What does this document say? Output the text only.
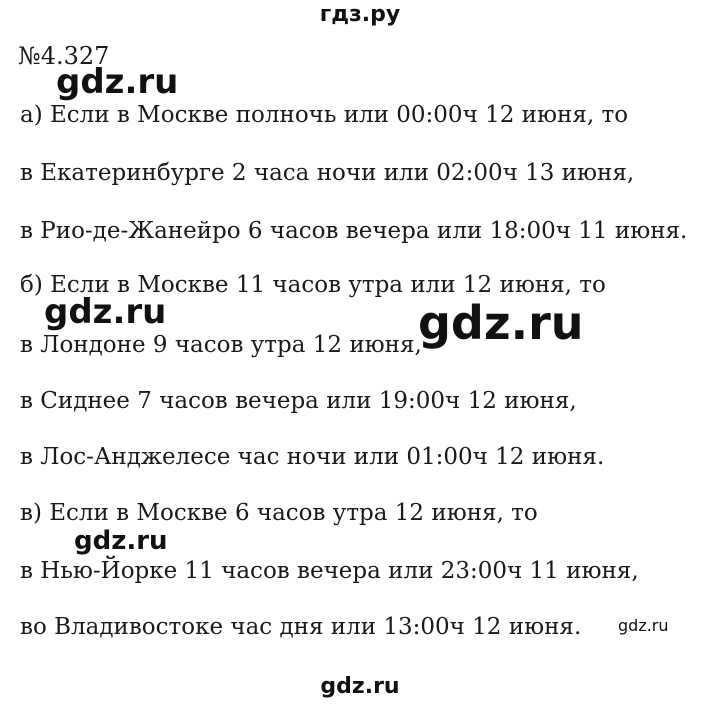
гдз.ру
№4.327
а) Если в Москве полночь или 00:00ч 12 июня, то
в Екатеринбурге 2 часа ночи или 02:00ч 13 июня,
в Рио-де-Жанейро 6 часов вечера или 18:00ч 11 июня.
б) Если в Москве 11 часов утра или 12 июня, то
в Лондоне 9 часов утра 12 июня,
в Сиднее 7 часов вечера или 19:00ч 12 июня,
в Лос-Анджелесе час ночи или 01:00ч 12 июня.
в) Если в Москве 6 часов утра 12 июня, то
в Нью-Йорке 11 часов вечера или 23:00ч 11 июня,
во Владивостоке час дня или 13:00ч 12 июня.
gdz.ru
gdz.ru	gdz.ru
gdz.ru
gdz.ru
gdz.ru
